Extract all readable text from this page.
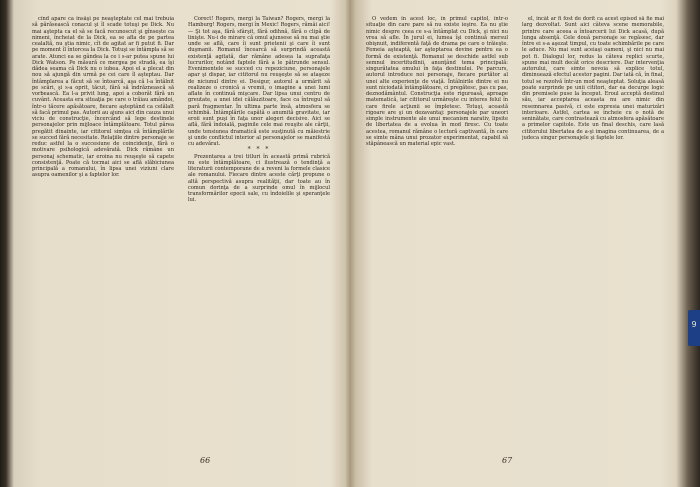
cînd apare ca însăşi pe neaşteptate cel mai trebuia să părăsească conacul şi îl scade totuşi pe Dick. Nu mai aştepta ca el să se facă recunoscut şi gînsește ca nimeni, încheiat de la Dick, ea se afla de pe partea cealaltă, nu ştia nimic, cît de agitat ar fi putut fi. Dar pe moment îl întorcea la Dick. Totuşi se întâmpla să se arate. Atunci ea se gândea la ce i s-ar putea spune lui Dick Watson. Pe măsură ce mergea pe stradă, ea îşi dădea seama că Dick nu o iubea. Apoi el a plecat din nou să ajungă din urmă pe cei care îl aşteptau. Dar întâmplarea a făcut să se întoarcă, aşa că l-a întâlnit pe scări, şi s-a oprit, tăcut, fără să îndrăznească să vorbească. Ea l-a privit lung, apoi a coborât fără un cuvânt. Aceasta era situaţia pe care o trăiau amândoi, într-o tăcere apăsătoare, fiecare aşteptând ca celălalt să facă primul pas. Autorii au ajuns aici din cauza unui viciu de construcţie, încercând să lege destinele personajelor prin mijloace întâmplătoare. Totul părea pregătit dinainte, iar cititorul simţea că întâmplările se succed fără necesitate. Relaţiile dintre personaje se reduc astfel la o succesiune de coincidenţe, fără o motivare psihologică adevărată. Dick rămâne un personaj schematic, iar eroina nu reuşeşte să capete consistenţă. Poate că tocmai aici se află slăbiciunea principală a romanului, în lipsa unei viziuni clare asupra oamenilor şi a faptelor lor.

Corect! Rogers, mergi la Taiwan? Rogers, mergi la Hamburg! Rogers, mergi în Mexic! Rogers, rămâi aici! — Şi tot aşa, fără sfârşit, fără odihnă, fără o clipă de linişte. Nu-i de mirare că omul ajunsese să nu mai ştie unde se află, care îi sunt prietenii şi care îi sunt duşmanii. Romanul încearcă să surprindă această existenţă agitată, dar rămâne adesea la suprafaţa lucrurilor, notând faptele fără a le pătrunde sensul. Evenimentele se succed cu repeziciune, personajele apar şi dispar, iar cititorul nu reuşeşte să se ataşeze de niciunul dintre ei. Desigur, autorul a urmărit să realizeze o cronică a vremii, o imagine a unei lumi aflate în continuă mişcare. Dar lipsa unui centru de greutate, a unei idei călăuzitoare, face ca întregul să pară fragmentar. În ultima parte însă, atmosfera se schimbă. Întâmplările capătă o anumită gravitate, iar eroii sunt puşi în faţa unor alegeri decisive. Aici se află, fără îndoială, paginile cele mai reuşite ale cărţii, unde tensiunea dramatică este susţinută cu măiestrie şi unde conflictul interior al personajelor se manifestă cu adevărat.

* * *

Prezentarea a trei titluri în această primă rubrică nu este întâmplătoare, ci ilustrează o tendinţă a literaturii contemporane de a reveni la formele clasice ale romanului. Fiecare dintre aceste cărţi propune o altă perspectivă asupra realităţii, dar toate au în comun dorinţa de a surprinde omul în mijlocul transformărilor epocii sale, cu îndoielile şi speranţele lui.

66

O vedem în acest loc, în primul capitol, într-o situaţie din care pare să nu existe ieşire. Ea nu ştie nimic despre ceea ce s-a întâmplat cu Dick, şi nici nu vrea să afle. În jurul ei, lumea îşi continuă mersul obişnuit, indiferentă faţă de drama pe care o trăieşte. Femeia aşteaptă, iar aşteptarea devine pentru ea o formă de existenţă. Romanul se deschide astfel sub semnul incertitudinii, anunţând tema principală: singurătatea omului în faţa destinului. Pe parcurs, autorul introduce noi personaje, fiecare purtător al unei alte experienţe de viaţă. Întâlnirile dintre ei nu sunt niciodată întâmplătoare, ci pregătesc, pas cu pas, deznodământul. Construcţia este riguroasă, aproape matematică, iar cititorul urmăreşte cu interes felul în care firele acţiunii se împletesc. Totuşi, această rigoare are şi un dezavantaj: personajele par uneori simple instrumente ale unui mecanism narativ, lipsite de libertatea de a evolua în mod firesc. Cu toate acestea, romanul rămâne o lectură captivantă, în care se simte mâna unui prozator experimentat, capabil să stăpânească un material epic vast.

el, încât ar fi fost de dorit ca acest episod să fie mai larg dezvoltat. Sunt aici câteva scene memorabile, printre care aceea a întoarcerii lui Dick acasă, după lunga absenţă. Cele două personaje se regăsesc, dar între ei s-a aşezat timpul, cu toate schimbările pe care le aduce. Nu mai sunt aceiaşi oameni, şi nici nu mai pot fi. Dialogul lor, redus la câteva replici scurte, spune mai mult decât orice descriere. Dar intervenţia autorului, care simte nevoia să explice totul, diminuează efectul acestor pagini. Dar iată că, în final, totul se rezolvă într-un mod neaşteptat. Soluţia aleasă poate surprinde pe unii cititori, dar ea decurge logic din premisele puse la început. Eroul acceptă destinul său, iar acceptarea aceasta nu are nimic din resemnarea pasivă, ci este expresia unei maturizări interioare. Astfel, cartea se încheie cu o notă de seninătate, care contrastează cu atmosfera apăsătoare a primelor capitole. Este un final deschis, care lasă cititorului libertatea de a-şi imagina continuarea, de a judeca singur personajele şi faptele lor.

67
9
